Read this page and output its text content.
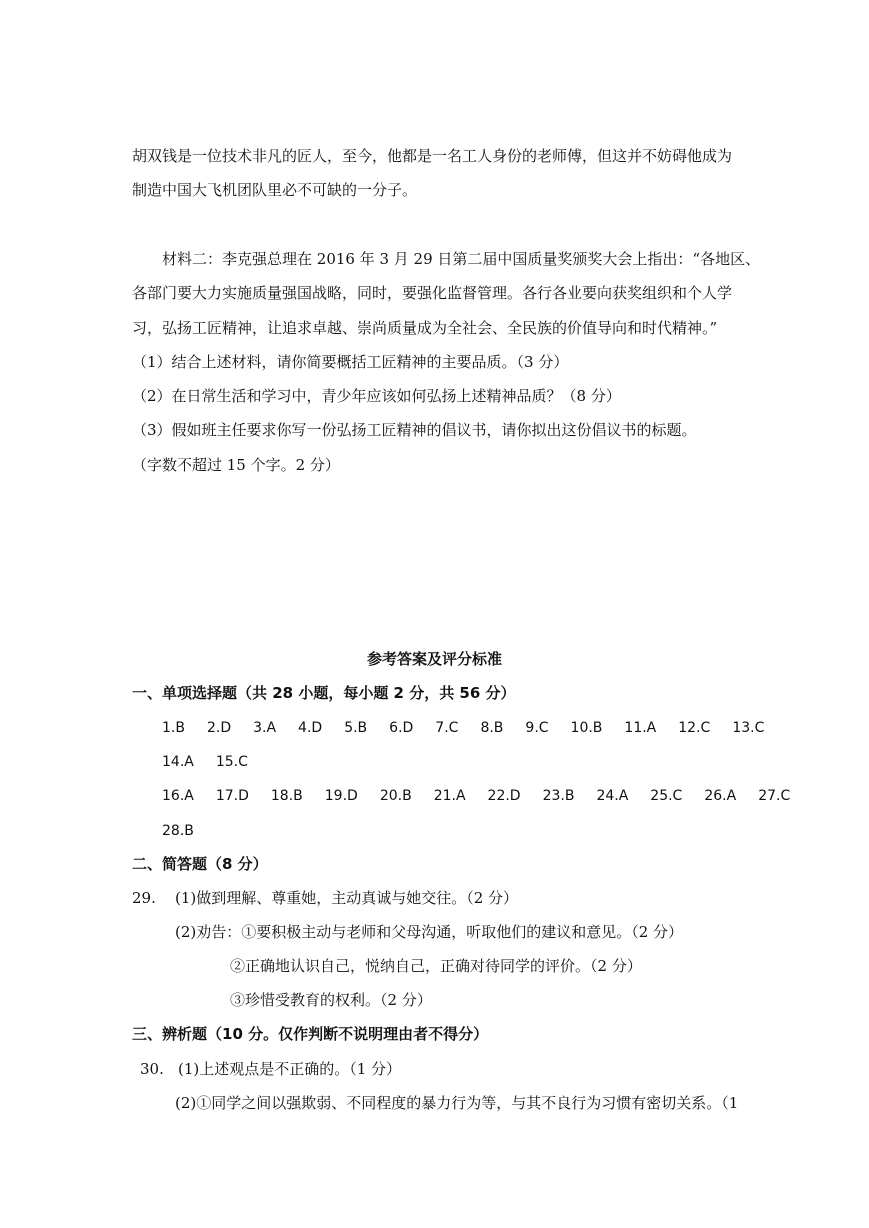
胡双钱是一位技术非凡的匠人，至今，他都是一名工人身份的老师傅，但这并不妨碍他成为
制造中国大飞机团队里必不可缺的一分子。
材料二：李克强总理在 2016 年 3 月 29 日第二届中国质量奖颁奖大会上指出：“各地区、
各部门要大力实施质量强国战略，同时，要强化监督管理。各行各业要向获奖组织和个人学
习，弘扬工匠精神，让追求卓越、崇尚质量成为全社会、全民族的价值导向和时代精神。”
（1）结合上述材料，请你简要概括工匠精神的主要品质。（3 分）
（2）在日常生活和学习中，青少年应该如何弘扬上述精神品质？（8 分）
（3）假如班主任要求你写一份弘扬工匠精神的倡议书，请你拟出这份倡议书的标题。
（字数不超过 15 个字。2 分）
参考答案及评分标准
一、单项选择题（共 28 小题，每小题 2 分，共 56 分）
1.B 2.D 3.A 4.D 5.B 6.D 7.C 8.B 9.C 10.B 11.A 12.C 13.C
14.A 15.C
16.A 17.D 18.B 19.D 20.B 21.A 22.D 23.B 24.A 25.C 26.A 27.C
28.B
二、简答题（8 分）
29. (1)做到理解、尊重她，主动真诚与她交往。（2 分）
(2)劝告：①要积极主动与老师和父母沟通，听取他们的建议和意见。（2 分）
②正确地认识自己，悦纳自己，正确对待同学的评价。（2 分）
③珍惜受教育的权利。（2 分）
三、辨析题（10 分。仅作判断不说明理由者不得分）
30. (1)上述观点是不正确的。（1 分）
(2)①同学之间以强欺弱、不同程度的暴力行为等，与其不良行为习惯有密切关系。（1
